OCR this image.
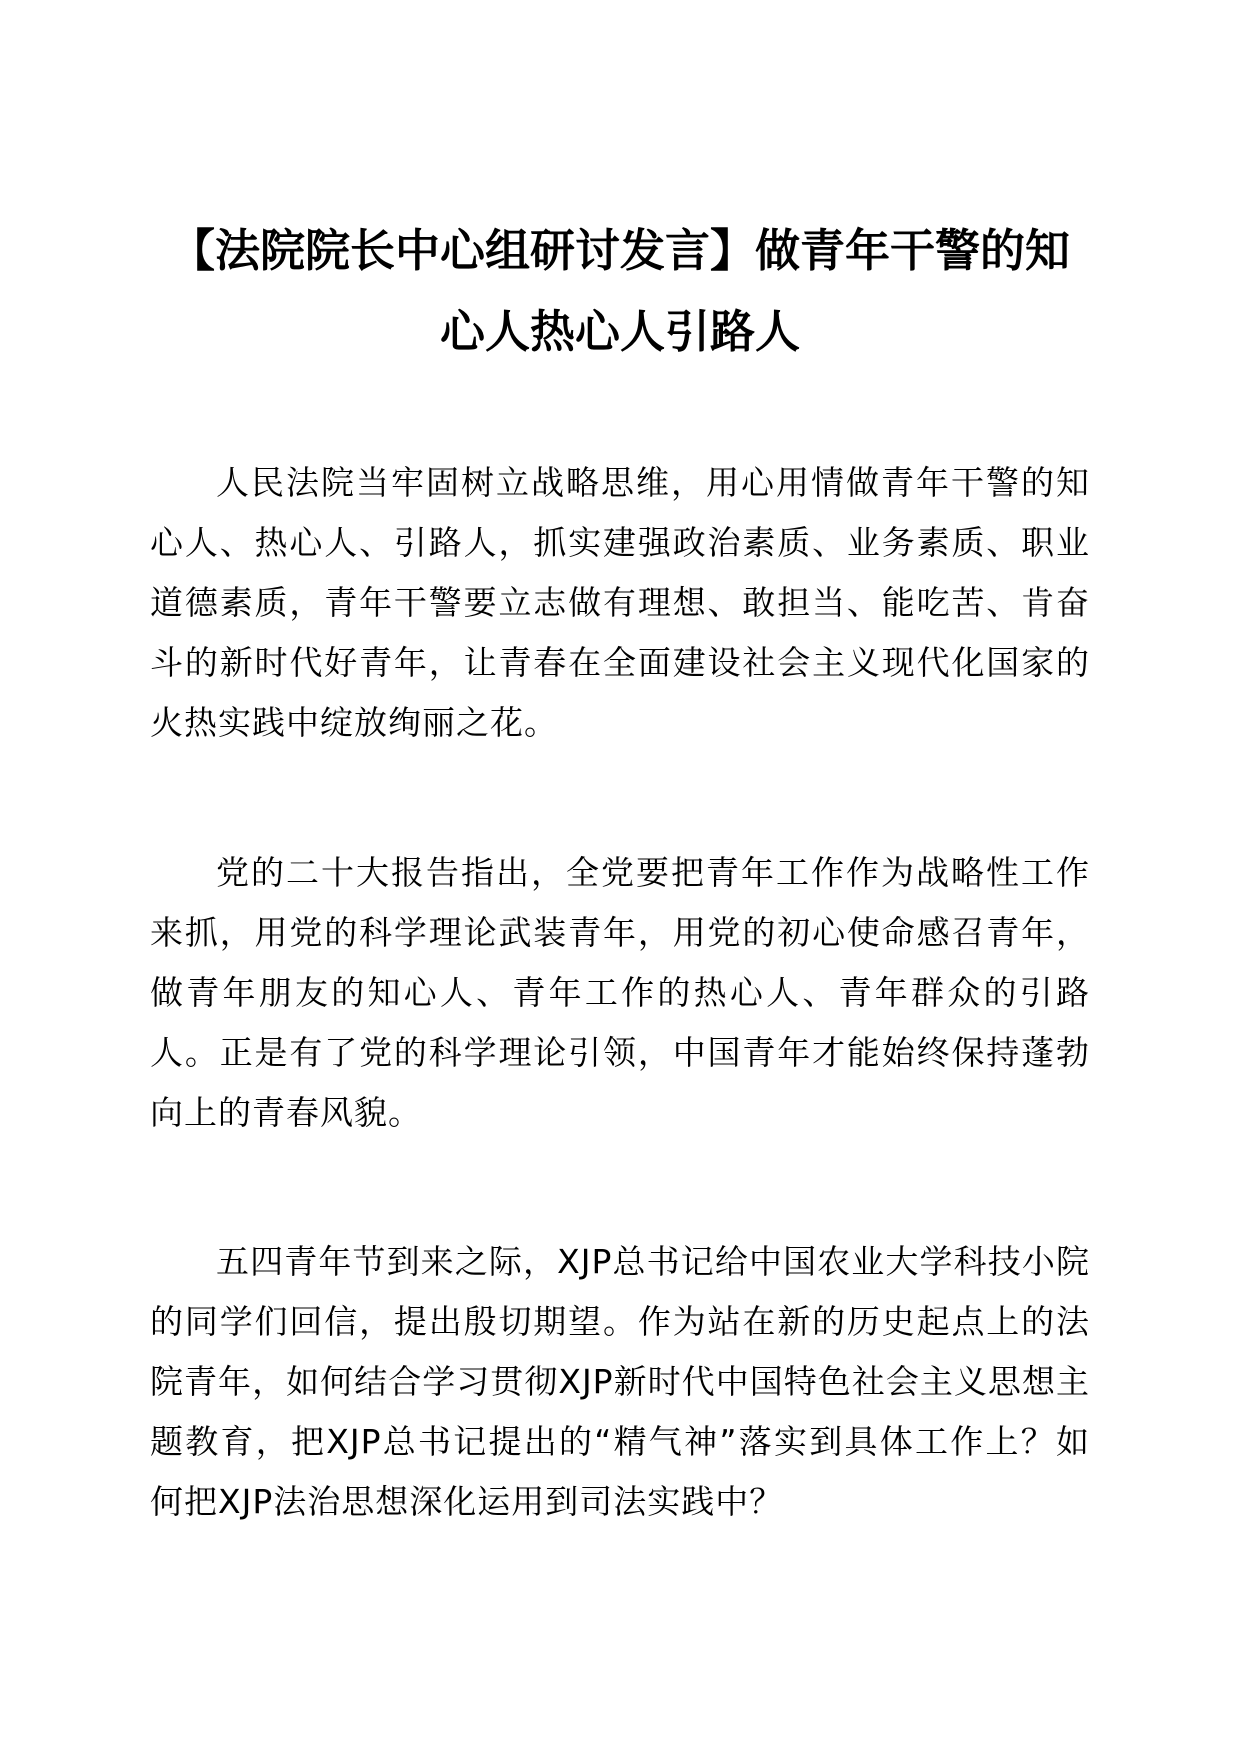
【法院院长中心组研讨发言】做青年干警的知
心人热心人引路人

人民法院当牢固树立战略思维，用心用情做青年干警的知心人、热心人、引路人，抓实建强政治素质、业务素质、职业道德素质，青年干警要立志做有理想、敢担当、能吃苦、肯奋斗的新时代好青年，让青春在全面建设社会主义现代化国家的火热实践中绽放绚丽之花。

党的二十大报告指出，全党要把青年工作作为战略性工作来抓，用党的科学理论武装青年，用党的初心使命感召青年，做青年朋友的知心人、青年工作的热心人、青年群众的引路人。正是有了党的科学理论引领，中国青年才能始终保持蓬勃向上的青春风貌。

五四青年节到来之际，XJP总书记给中国农业大学科技小院的同学们回信，提出殷切期望。作为站在新的历史起点上的法院青年，如何结合学习贯彻XJP新时代中国特色社会主义思想主题教育，把XJP总书记提出的“精气神”落实到具体工作上？如何把XJP法治思想深化运用到司法实践中？
